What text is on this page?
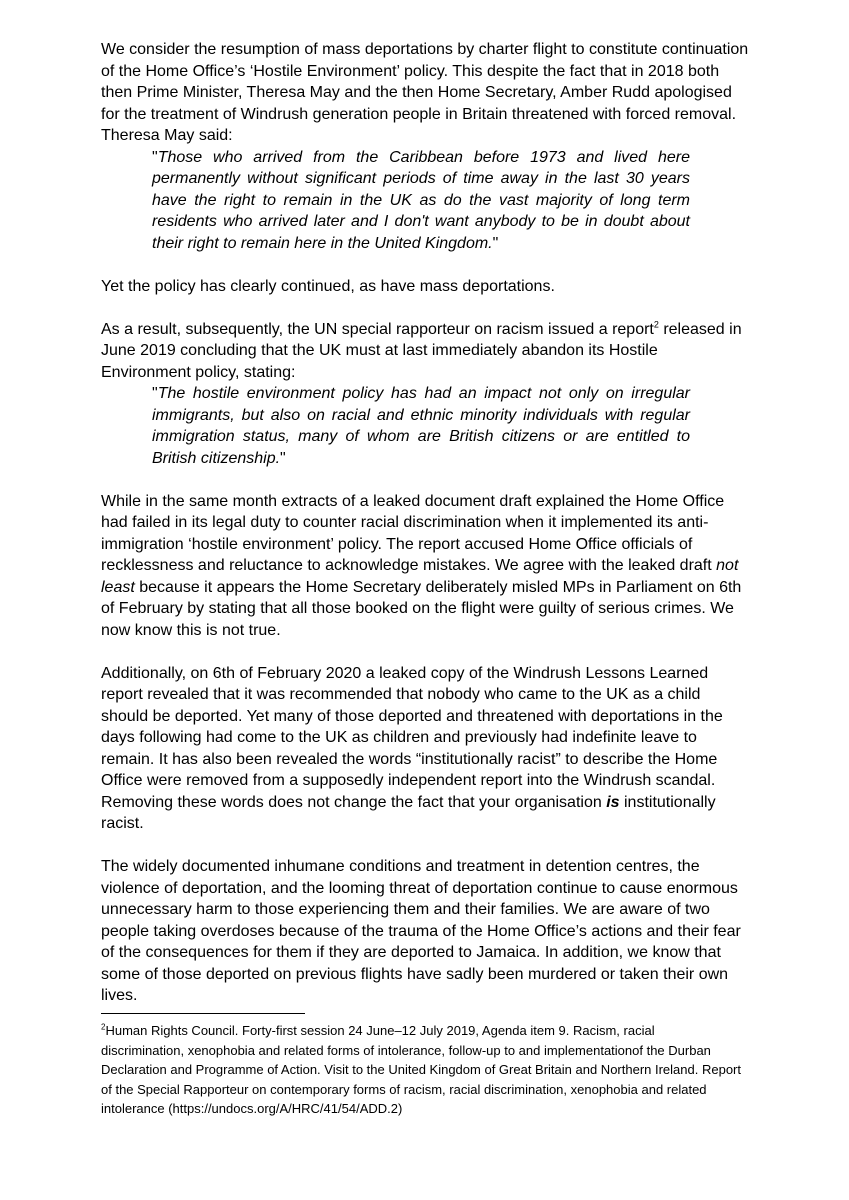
We consider the resumption of mass deportations by charter flight to constitute continuation of the Home Office’s ‘Hostile Environment’ policy. This despite the fact that in 2018 both then Prime Minister, Theresa May and the then Home Secretary, Amber Rudd apologised for the treatment of Windrush generation people in Britain threatened with forced removal. Theresa May said:

"Those who arrived from the Caribbean before 1973 and lived here permanently without significant periods of time away in the last 30 years have the right to remain in the UK as do the vast majority of long term residents who arrived later and I don't want anybody to be in doubt about their right to remain here in the United Kingdom."

Yet the policy has clearly continued, as have mass deportations.

As a result, subsequently, the UN special rapporteur on racism issued a report$^2$ released in June 2019 concluding that the UK must at last immediately abandon its Hostile Environment policy, stating:

"The hostile environment policy has had an impact not only on irregular immigrants, but also on racial and ethnic minority individuals with regular immigration status, many of whom are British citizens or are entitled to British citizenship."

While in the same month extracts of a leaked document draft explained the Home Office had failed in its legal duty to counter racial discrimination when it implemented its anti-immigration ‘hostile environment’ policy. The report accused Home Office officials of recklessness and reluctance to acknowledge mistakes. We agree with the leaked draft not least because it appears the Home Secretary deliberately misled MPs in Parliament on 6th of February by stating that all those booked on the flight were guilty of serious crimes. We now know this is not true.

Additionally, on 6th of February 2020 a leaked copy of the Windrush Lessons Learned report revealed that it was recommended that nobody who came to the UK as a child should be deported. Yet many of those deported and threatened with deportations in the days following had come to the UK as children and previously had indefinite leave to remain. It has also been revealed the words “institutionally racist” to describe the Home Office were removed from a supposedly independent report into the Windrush scandal. Removing these words does not change the fact that your organisation is institutionally racist.

The widely documented inhumane conditions and treatment in detention centres, the violence of deportation, and the looming threat of deportation continue to cause enormous unnecessary harm to those experiencing them and their families. We are aware of two people taking overdoses because of the trauma of the Home Office’s actions and their fear of the consequences for them if they are deported to Jamaica. In addition, we know that some of those deported on previous flights have sadly been murdered or taken their own lives.

$^2$Human Rights Council. Forty-first session 24 June–12 July 2019, Agenda item 9. Racism, racial discrimination, xenophobia and related forms of intolerance, follow-up to and implementationof the Durban Declaration and Programme of Action. Visit to the United Kingdom of Great Britain and Northern Ireland. Report of the Special Rapporteur on contemporary forms of racism, racial discrimination, xenophobia and related intolerance (https://undocs.org/A/HRC/41/54/ADD.2)
